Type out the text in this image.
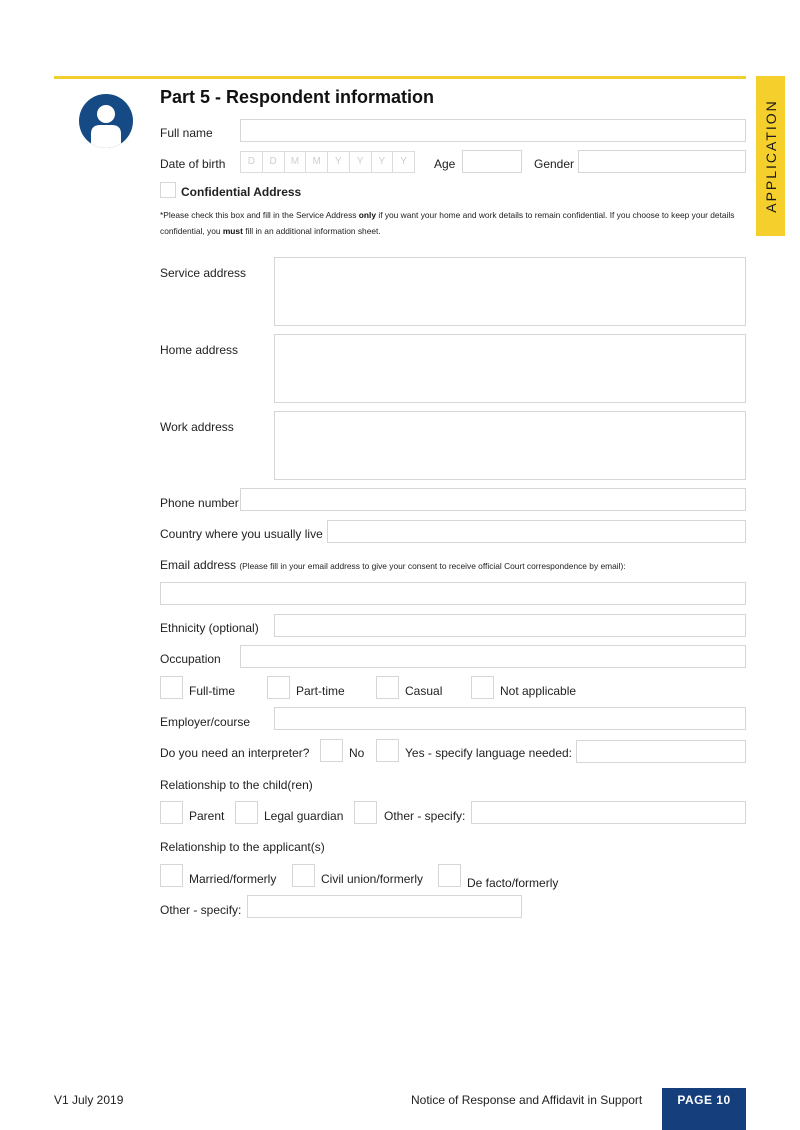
APPLICATION
Part 5 - Respondent information
Full name
Date of birth	D	D	M	M	Y	Y	Y	Y	Age	Gender
Confidential Address
*Please check this box and fill in the Service Address only if you want your home and work details to remain confidential. If you choose to keep your details confidential, you must fill in an additional information sheet.
Service address
Home address
Work address
Phone number
Country where you usually live
Email address (Please fill in your email address to give your consent to receive official Court correspondence by email):
Ethnicity (optional)
Occupation
Full-time	Part-time	Casual	Not applicable
Employer/course
Do you need an interpreter?	No	Yes - specify language needed:
Relationship to the child(ren)
Parent	Legal guardian	Other - specify:
Relationship to the applicant(s)
Married/formerly	Civil union/formerly	De facto/formerly
Other - specify:
V1 July 2019	Notice of Response and Affidavit in Support	PAGE 10
